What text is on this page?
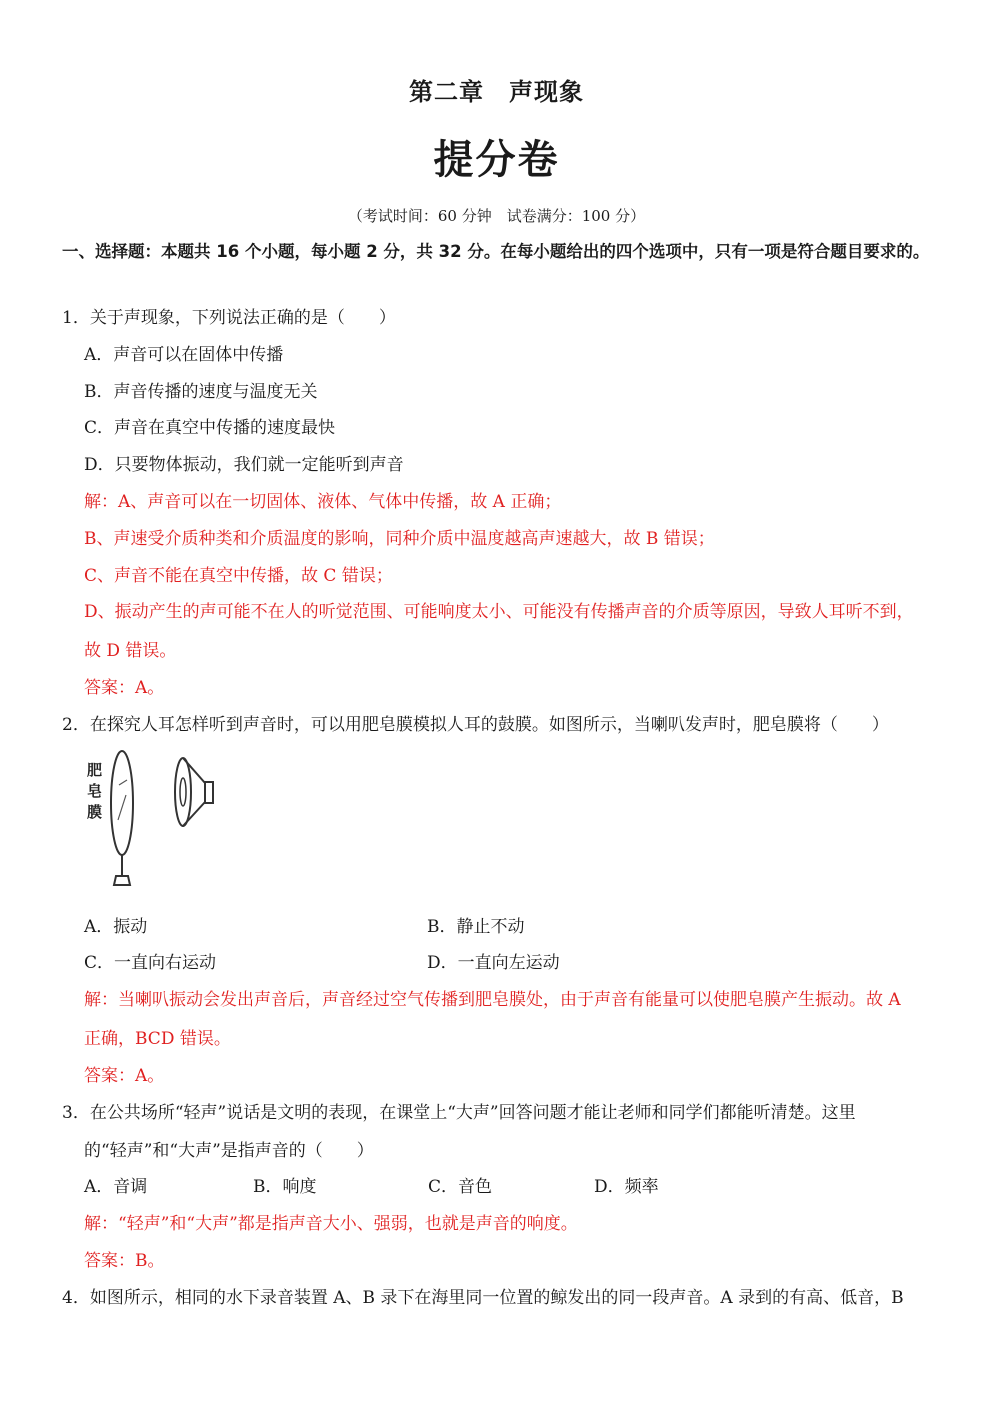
第二章　声现象
提分卷
（考试时间：60 分钟　试卷满分：100 分）
一、选择题：本题共 16 个小题，每小题 2 分，共 32 分。在每小题给出的四个选项中，只有一项是符合题目要求的。
1．关于声现象，下列说法正确的是（　　）
A．声音可以在固体中传播
B．声音传播的速度与温度无关
C．声音在真空中传播的速度最快
D．只要物体振动，我们就一定能听到声音
解：A、声音可以在一切固体、液体、气体中传播，故 A 正确；
B、声速受介质种类和介质温度的影响，同种介质中温度越高声速越大，故 B 错误；
C、声音不能在真空中传播，故 C 错误；
D、振动产生的声可能不在人的听觉范围、可能响度太小、可能没有传播声音的介质等原因，导致人耳听不到，
故 D 错误。
答案：A。
2．在探究人耳怎样听到声音时，可以用肥皂膜模拟人耳的鼓膜。如图所示，当喇叭发声时，肥皂膜将（　　）
肥
皂
膜
A．振动	B．静止不动
C．一直向右运动	D．一直向左运动
解：当喇叭振动会发出声音后，声音经过空气传播到肥皂膜处，由于声音有能量可以使肥皂膜产生振动。故 A
正确，BCD 错误。
答案：A。
3．在公共场所“轻声”说话是文明的表现，在课堂上“大声”回答问题才能让老师和同学们都能听清楚。这里
的“轻声”和“大声”是指声音的（　　）
A．音调	B．响度	C．音色	D．频率
解：“轻声”和“大声”都是指声音大小、强弱，也就是声音的响度。
答案：B。
4．如图所示，相同的水下录音装置 A、B 录下在海里同一位置的鲸发出的同一段声音。A 录到的有高、低音，B
